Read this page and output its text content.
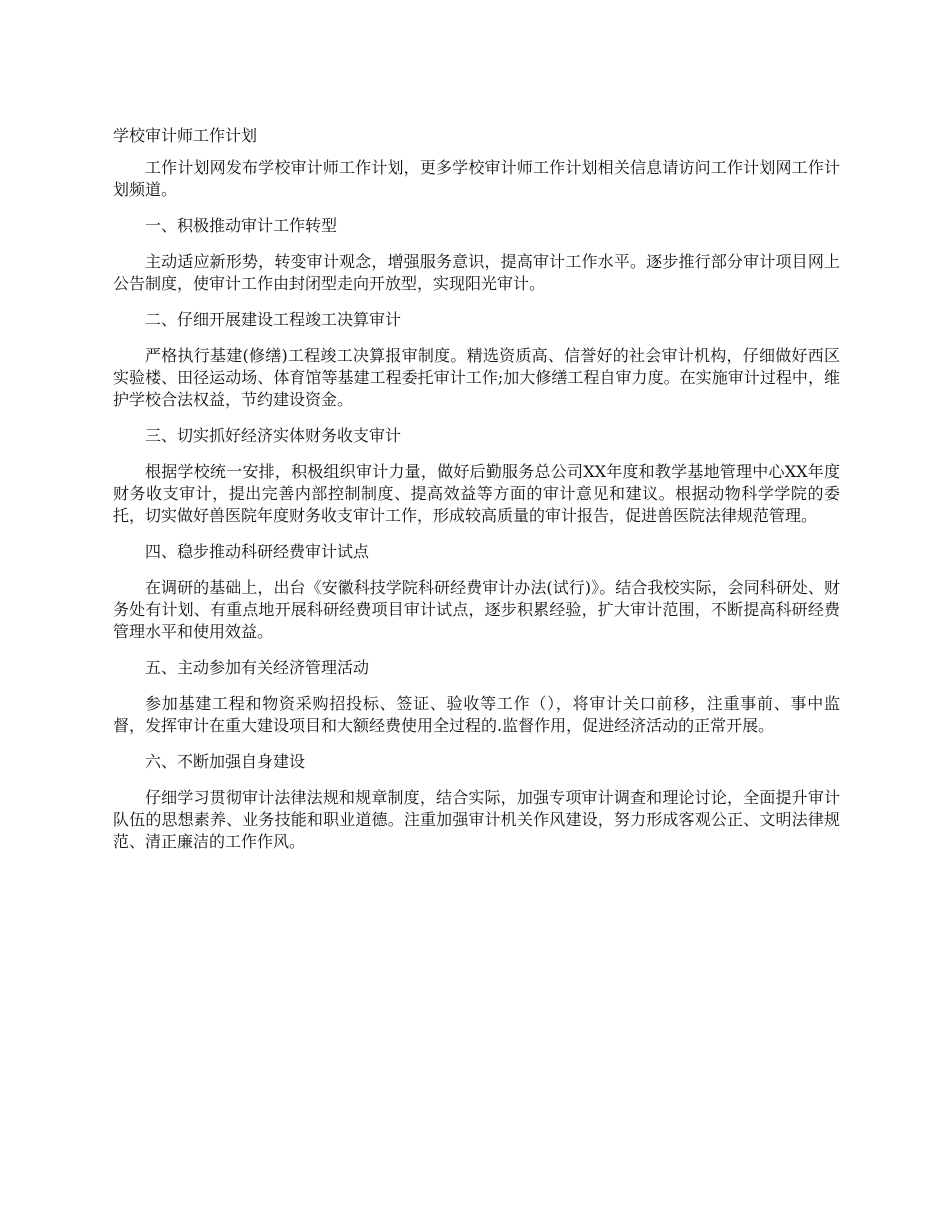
学校审计师工作计划

工作计划网发布学校审计师工作计划，更多学校审计师工作计划相关信息请访问工作计划网工作计划频道。

一、积极推动审计工作转型

主动适应新形势，转变审计观念，增强服务意识，提高审计工作水平。逐步推行部分审计项目网上公告制度，使审计工作由封闭型走向开放型，实现阳光审计。

二、仔细开展建设工程竣工决算审计

严格执行基建(修缮)工程竣工决算报审制度。精选资质高、信誉好的社会审计机构，仔细做好西区实验楼、田径运动场、体育馆等基建工程委托审计工作;加大修缮工程自审力度。在实施审计过程中，维护学校合法权益，节约建设资金。

三、切实抓好经济实体财务收支审计

根据学校统一安排，积极组织审计力量，做好后勤服务总公司XX年度和教学基地管理中心XX年度财务收支审计，提出完善内部控制制度、提高效益等方面的审计意见和建议。根据动物科学学院的委托，切实做好兽医院年度财务收支审计工作，形成较高质量的审计报告，促进兽医院法律规范管理。

四、稳步推动科研经费审计试点

在调研的基础上，出台《安徽科技学院科研经费审计办法(试行)》。结合我校实际，会同科研处、财务处有计划、有重点地开展科研经费项目审计试点，逐步积累经验，扩大审计范围，不断提高科研经费管理水平和使用效益。

五、主动参加有关经济管理活动

参加基建工程和物资采购招投标、签证、验收等工作（），将审计关口前移，注重事前、事中监督，发挥审计在重大建设项目和大额经费使用全过程的.监督作用，促进经济活动的正常开展。

六、不断加强自身建设

仔细学习贯彻审计法律法规和规章制度，结合实际，加强专项审计调查和理论讨论，全面提升审计队伍的思想素养、业务技能和职业道德。注重加强审计机关作风建设，努力形成客观公正、文明法律规范、清正廉洁的工作作风。
